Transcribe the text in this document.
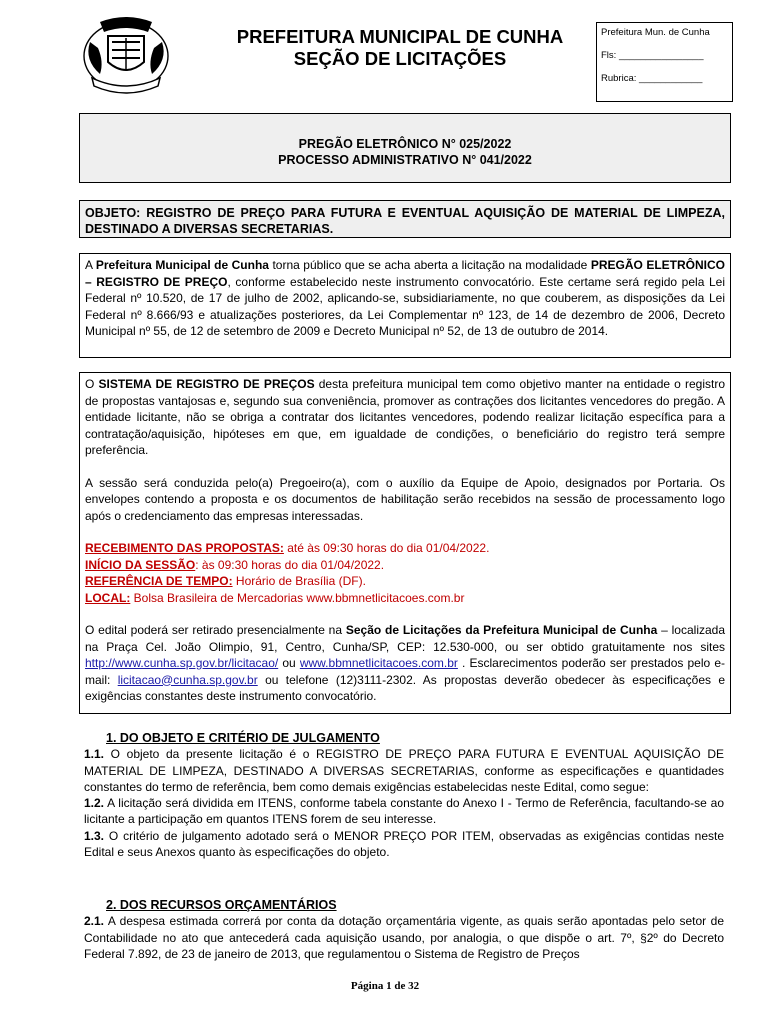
PREFEITURA MUNICIPAL DE CUNHA
SEÇÃO DE LICITAÇÕES
Prefeitura Mun. de Cunha
Fls: ________________
Rubrica: ____________
PREGÃO ELETRÔNICO N° 025/2022
PROCESSO ADMINISTRATIVO N° 041/2022
OBJETO: REGISTRO DE PREÇO PARA FUTURA E EVENTUAL AQUISIÇÃO DE MATERIAL DE LIMPEZA, DESTINADO A DIVERSAS SECRETARIAS.

A Prefeitura Municipal de Cunha torna público que se acha aberta a licitação na modalidade PREGÃO ELETRÔNICO – REGISTRO DE PREÇO, conforme estabelecido neste instrumento convocatório. Este certame será regido pela Lei Federal nº 10.520, de 17 de julho de 2002, aplicando-se, subsidiariamente, no que couberem, as disposições da Lei Federal nº 8.666/93 e atualizações posteriores, da Lei Complementar nº 123, de 14 de dezembro de 2006, Decreto Municipal nº 55, de 12 de setembro de 2009 e Decreto Municipal nº 52, de 13 de outubro de 2014.

O SISTEMA DE REGISTRO DE PREÇOS desta prefeitura municipal tem como objetivo manter na entidade o registro de propostas vantajosas e, segundo sua conveniência, promover as contrações dos licitantes vencedores do pregão. A entidade licitante, não se obriga a contratar dos licitantes vencedores, podendo realizar licitação específica para a contratação/aquisição, hipóteses em que, em igualdade de condições, o beneficiário do registro terá sempre preferência.

A sessão será conduzida pelo(a) Pregoeiro(a), com o auxílio da Equipe de Apoio, designados por Portaria. Os envelopes contendo a proposta e os documentos de habilitação serão recebidos na sessão de processamento logo após o credenciamento das empresas interessadas.

RECEBIMENTO DAS PROPOSTAS: até às 09:30 horas do dia 01/04/2022.

INÍCIO DA SESSÃO: às 09:30 horas do dia 01/04/2022.

REFERÊNCIA DE TEMPO: Horário de Brasília (DF).

LOCAL: Bolsa Brasileira de Mercadorias www.bbmnetlicitacoes.com.br

O edital poderá ser retirado presencialmente na Seção de Licitações da Prefeitura Municipal de Cunha – localizada na Praça Cel. João Olimpio, 91, Centro, Cunha/SP, CEP: 12.530-000, ou ser obtido gratuitamente nos sites http://www.cunha.sp.gov.br/licitacao/ ou www.bbmnetlicitacoes.com.br . Esclarecimentos poderão ser prestados pelo e-mail: licitacao@cunha.sp.gov.br ou telefone (12)3111-2302. As propostas deverão obedecer às especificações e exigências constantes deste instrumento convocatório.

1. DO OBJETO E CRITÉRIO DE JULGAMENTO

1.1. O objeto da presente licitação é o REGISTRO DE PREÇO PARA FUTURA E EVENTUAL AQUISIÇÃO DE MATERIAL DE LIMPEZA, DESTINADO A DIVERSAS SECRETARIAS, conforme as especificações e quantidades constantes do termo de referência, bem como demais exigências estabelecidas neste Edital, como segue:

1.2. A licitação será dividida em ITENS, conforme tabela constante do Anexo I - Termo de Referência, facultando-se ao licitante a participação em quantos ITENS forem de seu interesse.

1.3. O critério de julgamento adotado será o MENOR PREÇO POR ITEM, observadas as exigências contidas neste Edital e seus Anexos quanto às especificações do objeto.

2. DOS RECURSOS ORÇAMENTÁRIOS

2.1. A despesa estimada correrá por conta da dotação orçamentária vigente, as quais serão apontadas pelo setor de Contabilidade no ato que antecederá cada aquisição usando, por analogia, o que dispõe o art. 7º, §2º do Decreto Federal 7.892, de 23 de janeiro de 2013, que regulamentou o Sistema de Registro de Preços

Página 1 de 32
